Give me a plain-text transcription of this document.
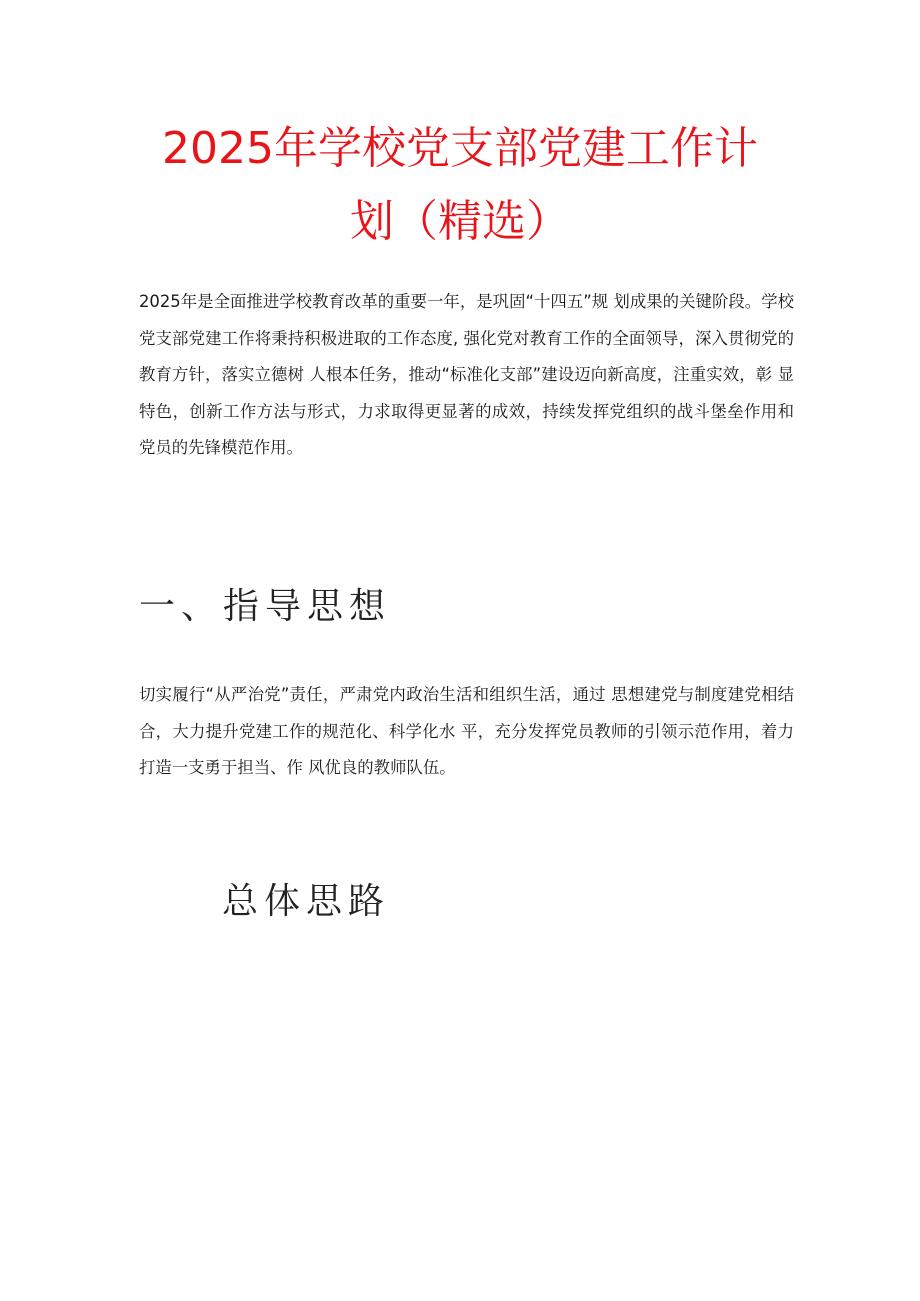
2025年学校党支部党建工作计
划（精选）

2025年是全面推进学校教育改革的重要一年，是巩固“十四五”规 划成果的关键阶段。学校党支部党建工作将秉持积极进取的工作态度, 强化党对教育工作的全面领导，深入贯彻党的教育方针，落实立德树 人根本任务，推动“标准化支部”建设迈向新高度，注重实效，彰 显特色，创新工作方法与形式，力求取得更显著的成效，持续发挥党组织的战斗堡垒作用和党员的先锋模范作用。

一、指导思想

切实履行“从严治党”责任，严肃党内政治生活和组织生活，通过 思想建党与制度建党相结合，大力提升党建工作的规范化、科学化水 平，充分发挥党员教师的引领示范作用，着力打造一支勇于担当、作 风优良的教师队伍。

总体思路
